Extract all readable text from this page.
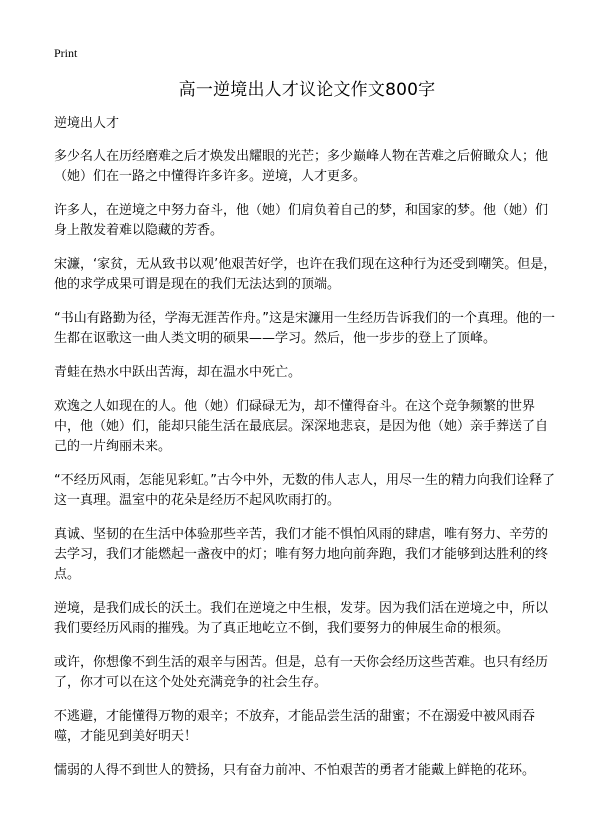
Print

高一逆境出人才议论文作文800字

逆境出人才

多少名人在历经磨难之后才焕发出耀眼的光芒；多少巅峰人物在苦难之后俯瞰众人；他（她）们在一路之中懂得许多许多。逆境，人才更多。

许多人，在逆境之中努力奋斗，他（她）们肩负着自己的梦，和国家的梦。他（她）们身上散发着难以隐藏的芳香。

宋濂，‘家贫，无从致书以观’他艰苦好学，也许在我们现在这种行为还受到嘲笑。但是，他的求学成果可谓是现在的我们无法达到的顶端。

“书山有路勤为径，学海无涯苦作舟。”这是宋濂用一生经历告诉我们的一个真理。他的一生都在讴歌这一曲人类文明的硕果——学习。然后，他一步步的登上了顶峰。

青蛙在热水中跃出苦海，却在温水中死亡。

欢逸之人如现在的人。他（她）们碌碌无为，却不懂得奋斗。在这个竞争频繁的世界中，他（她）们，能却只能生活在最底层。深深地悲哀，是因为他（她）亲手葬送了自己的一片绚丽未来。

“不经历风雨，怎能见彩虹。”古今中外，无数的伟人志人，用尽一生的精力向我们诠释了这一真理。温室中的花朵是经历不起风吹雨打的。

真诚、坚韧的在生活中体验那些辛苦，我们才能不惧怕风雨的肆虐，唯有努力、辛劳的去学习，我们才能燃起一盏夜中的灯；唯有努力地向前奔跑，我们才能够到达胜利的终点。

逆境，是我们成长的沃土。我们在逆境之中生根，发芽。因为我们活在逆境之中，所以我们要经历风雨的摧残。为了真正地屹立不倒，我们要努力的伸展生命的根须。

或许，你想像不到生活的艰辛与困苦。但是，总有一天你会经历这些苦难。也只有经历了，你才可以在这个处处充满竞争的社会生存。

不逃避，才能懂得万物的艰辛；不放弃，才能品尝生活的甜蜜；不在溺爱中被风雨吞噬，才能见到美好明天！

懦弱的人得不到世人的赞扬，只有奋力前冲、不怕艰苦的勇者才能戴上鲜艳的花环。
